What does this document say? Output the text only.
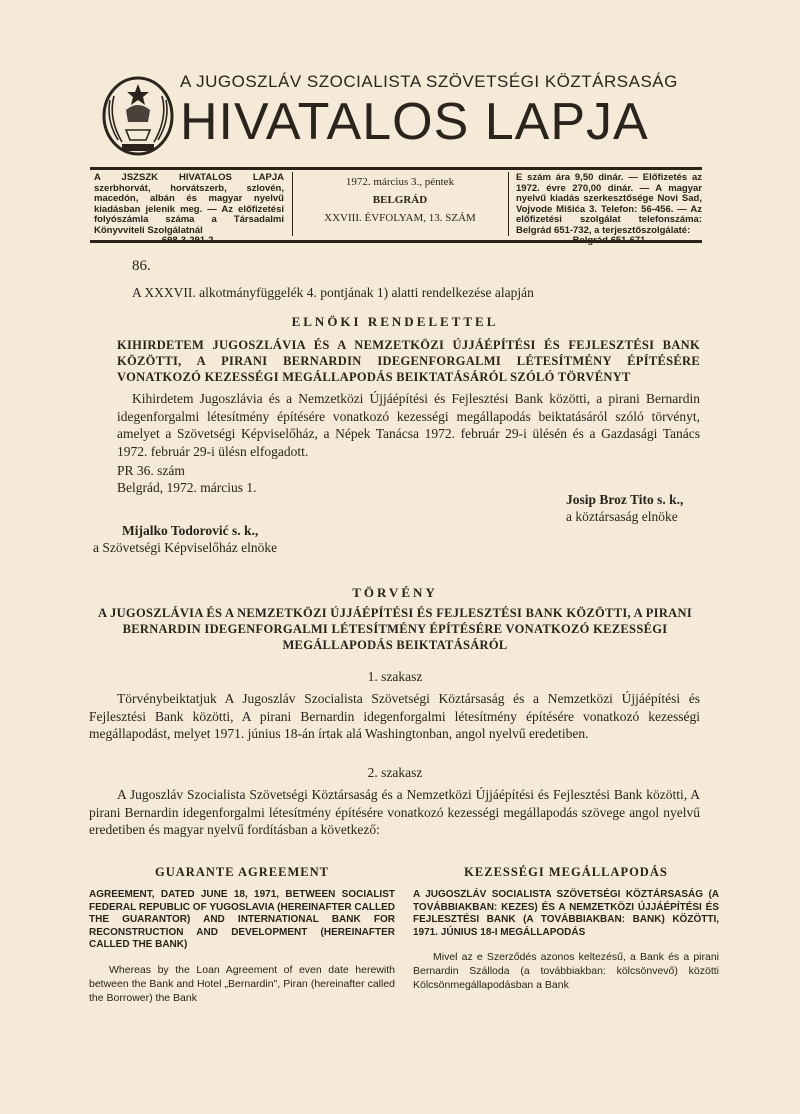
A JUGOSZLÁV SZOCIALISTA SZÖVETSÉGI KÖZTÁRSASÁG
HIVATALOS LAPJA
A JSZSZK HIVATALOS LAPJA szerbhorvát, horvátszerb, szlovén, macedón, albán és magyar nyelvű kiadásban jelenik meg. — Az előfizetési folyószámla száma a Társadalmi Könyvviteli Szolgálatnál
1972. március 3., péntek
BELGRÁD
XXVIII. ÉVFOLYAM, 13. SZÁM
E szám ára 9,50 dinár. — Előfizetés az 1972. évre 270,00 dinár. — A magyar nyelvű kiadás szerkesztősége Novi Sad, Vojvode Mišića 3. Telefon: 56-456. — Az előfizetési szolgálat telefonszáma: Belgrád 651-732, a terjesztőszolgálaté:
86.
A XXXVII. alkotmányfüggelék 4. pontjának 1) alatti rendelkezése alapján
ELNÖKI RENDELETTEL
KIHIRDETEM JUGOSZLÁVIA ÉS A NEMZETKÖZI ÚJJÁÉPÍTÉSI ÉS FEJLESZTÉSI BANK KÖZÖTTI, A PIRANI BERNARDIN IDEGENFORGALMI LÉTESÍTMÉNY ÉPÍTÉSÉRE VONATKOZÓ KEZESSÉGI MEGÁLLAPODÁS BEIKTATÁSÁRÓL SZÓLÓ TÖRVÉNYT
Kihirdetem Jugoszlávia és a Nemzetközi Újjáépítési és Fejlesztési Bank közötti, a pirani Bernardin idegenforgalmi létesítmény építésére vonatkozó kezességi megállapodás beiktatásáról szóló törvényt, amelyet a Szövetségi Képviselőház, a Népek Tanácsa 1972. február 29-i ülésén és a Gazdasági Tanács 1972. február 29-i ülésn elfogadott.
PR 36. szám
Belgrád, 1972. március 1.
Josip Broz Tito s. k.,
a köztársaság elnöke
Mijalko Todorović s. k.,
a Szövetségi Képviselőház elnöke
TÖRVÉNY
A JUGOSZLÁVIA ÉS A NEMZETKÖZI ÚJJÁÉPÍTÉSI ÉS FEJLESZTÉSI BANK KÖZÖTTI, A PIRANI BERNARDIN IDEGENFORGALMI LÉTESÍTMÉNY ÉPÍTÉSÉRE VONATKOZÓ KEZESSÉGI MEGÁLLAPODÁS BEIKTATÁSÁRÓL
1. szakasz
Törvénybeiktatjuk A Jugoszláv Szocialista Szövetségi Köztársaság és a Nemzetközi Újjáépítési és Fejlesztési Bank közötti, A pirani Bernardin idegenforgalmi létesítmény építésére vonatkozó kezességi megállapodást, melyet 1971. június 18-án írtak alá Washingtonban, angol nyelvű eredetiben.
2. szakasz
A Jugoszláv Szocialista Szövetségi Köztársaság és a Nemzetközi Újjáépítési és Fejlesztési Bank közötti, A pirani Bernardin idegenforgalmi létesítmény építésére vonatkozó kezességi megállapodás szövege angol nyelvű eredetiben és magyar nyelvű fordításban a következő:
GUARANTE AGREEMENT
AGREEMENT, DATED JUNE 18, 1971, BETWEEN SOCIALIST FEDERAL REPUBLIC OF YUGOSLAVIA (HEREINAFTER CALLED THE GUARANTOR) AND INTERNATIONAL BANK FOR RECONSTRUCTION AND DEVELOPMENT (HEREINAFTER CALLED THE BANK)
Whereas by the Loan Agreement of even date herewith between the Bank and Hotel „Bernardin", Piran (hereinafter called the Borrower) the Bank
KEZESSÉGI MEGÁLLAPODÁS
A JUGOSZLÁV SOCIALISTA SZÖVETSÉGI KÖZTÁRSASÁG (A TOVÁBBIAKBAN: KEZES) ÉS A NEMZETKÖZI ÚJJÁÉPÍTÉSI ÉS FEJLESZTÉSI BANK (A TOVÁBBIAKBAN: BANK) KÖZÖTTI, 1971. JÚNIUS 18-I MEGÁLLAPODÁS
Mivel az e Szerződés azonos keltezésű, a Bank és a pirani Bernardin Szálloda (a továbbiakban: kölcsönvevő) közötti Kölcsönmegállapodásban a Bank
